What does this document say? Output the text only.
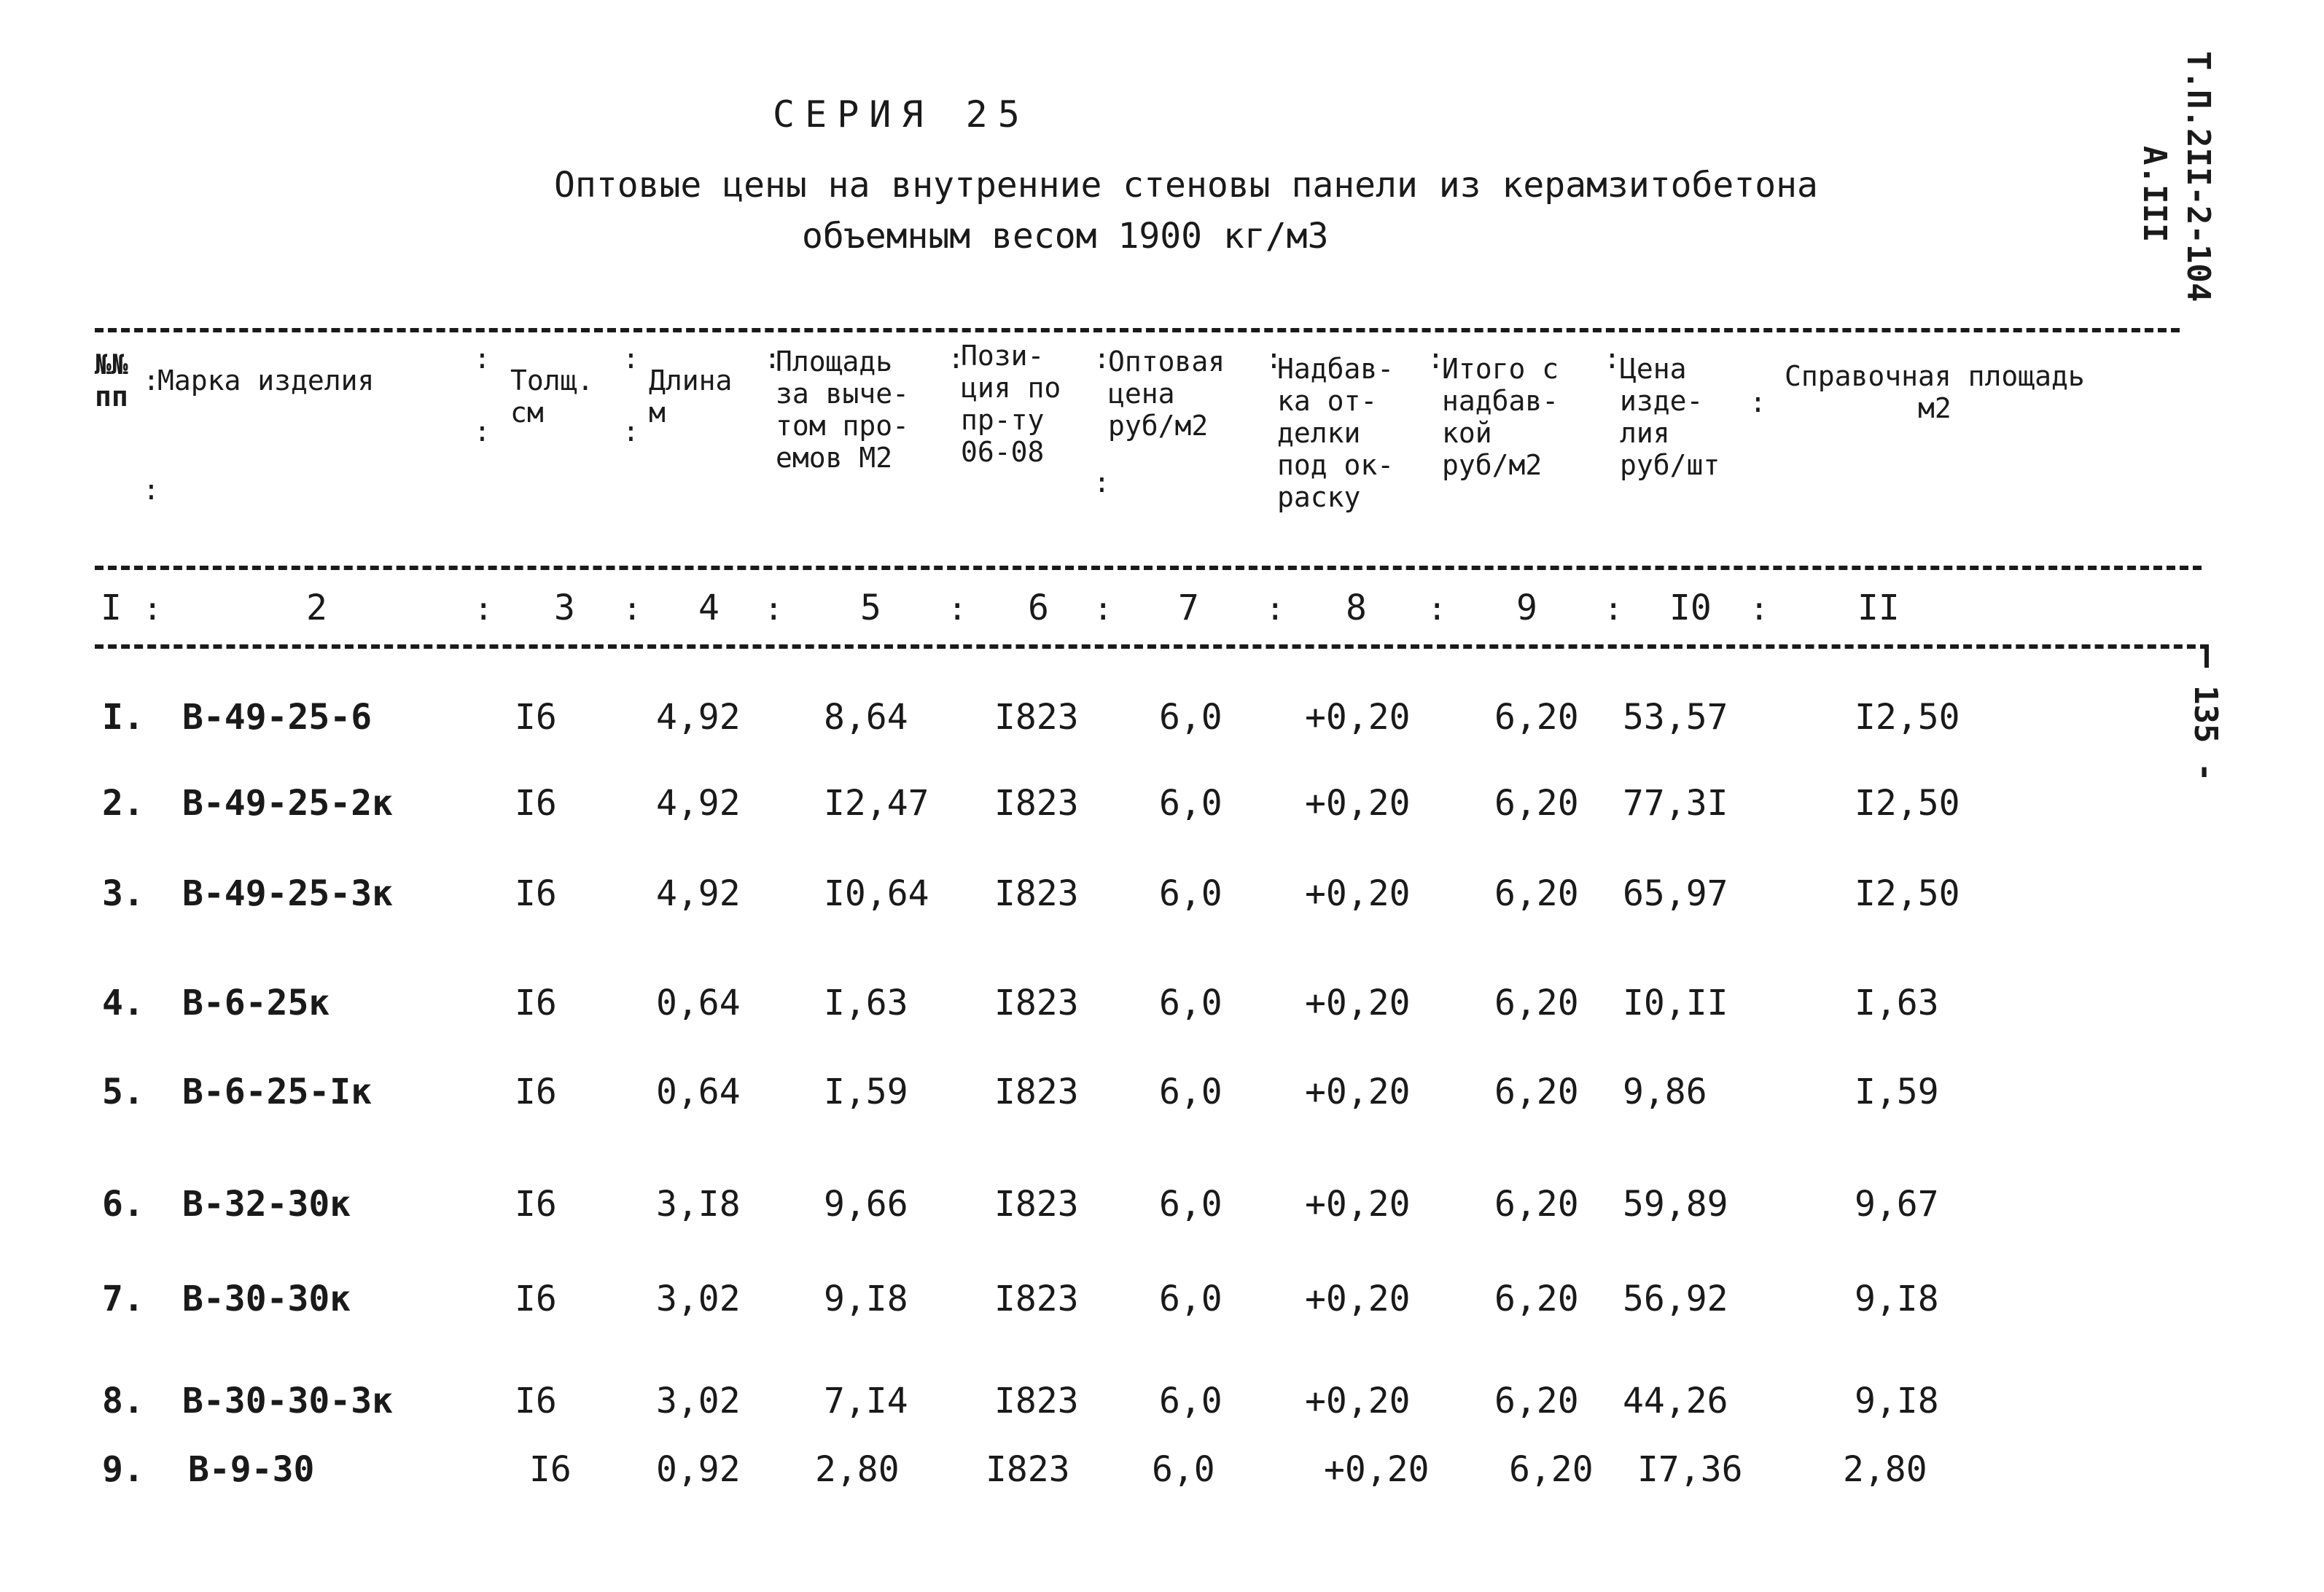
СЕРИЯ 25
Оптовые цены на внутренние стеновы панели из керамзитобетона
объемным весом 1900 кг/м3	Т.П.2II-2-104
А.III
135 -
№№
пп Марка изделия	Толщ.
см
Длина
м
Площадь
за выче-
том про-
емов М2
Пози-
ция по
пр-ту
06-08
Оптовая
цена
руб/м2
Надбав-
ка от-
делки
под ок-
раску
Итого с
надбав-
кой
руб/м2
Цена
изде-
лия
руб/шт
Справочная площадь
м2
:
:
:
:
:
:
:	:	:
:
:	:	:
:
I :	2	: 3 : 4 : 5 : 6 : 7 : 8 : 9 : I0 :	II
I. В-49-25-6	I6	4,92 8,64 I823 6,0 +0,20 6,20 53,57	I2,50
2. В-49-25-2к	I6	4,92 I2,47 I823 6,0 +0,20 6,20 77,3I	I2,50
3. В-49-25-3к	I6	4,92 I0,64 I823 6,0 +0,20 6,20 65,97	I2,50
4. В-6-25к	I6	0,64 I,63 I823 6,0 +0,20 6,20 I0,II	I,63
5. В-6-25-Iк	I6	0,64 I,59 I823 6,0 +0,20 6,20 9,86	I,59
6. В-32-30к	I6	3,I8 9,66 I823 6,0 +0,20 6,20 59,89	9,67
7. В-30-30к	I6	3,02 9,I8 I823 6,0 +0,20 6,20 56,92	9,I8
8. В-30-30-3к	I6	3,02 7,I4 I823 6,0 +0,20 6,20 44,26	9,I8
9. В-9-30	I6 0,92 2,80 I823 6,0	+0,20 6,20 I7,36	2,80
